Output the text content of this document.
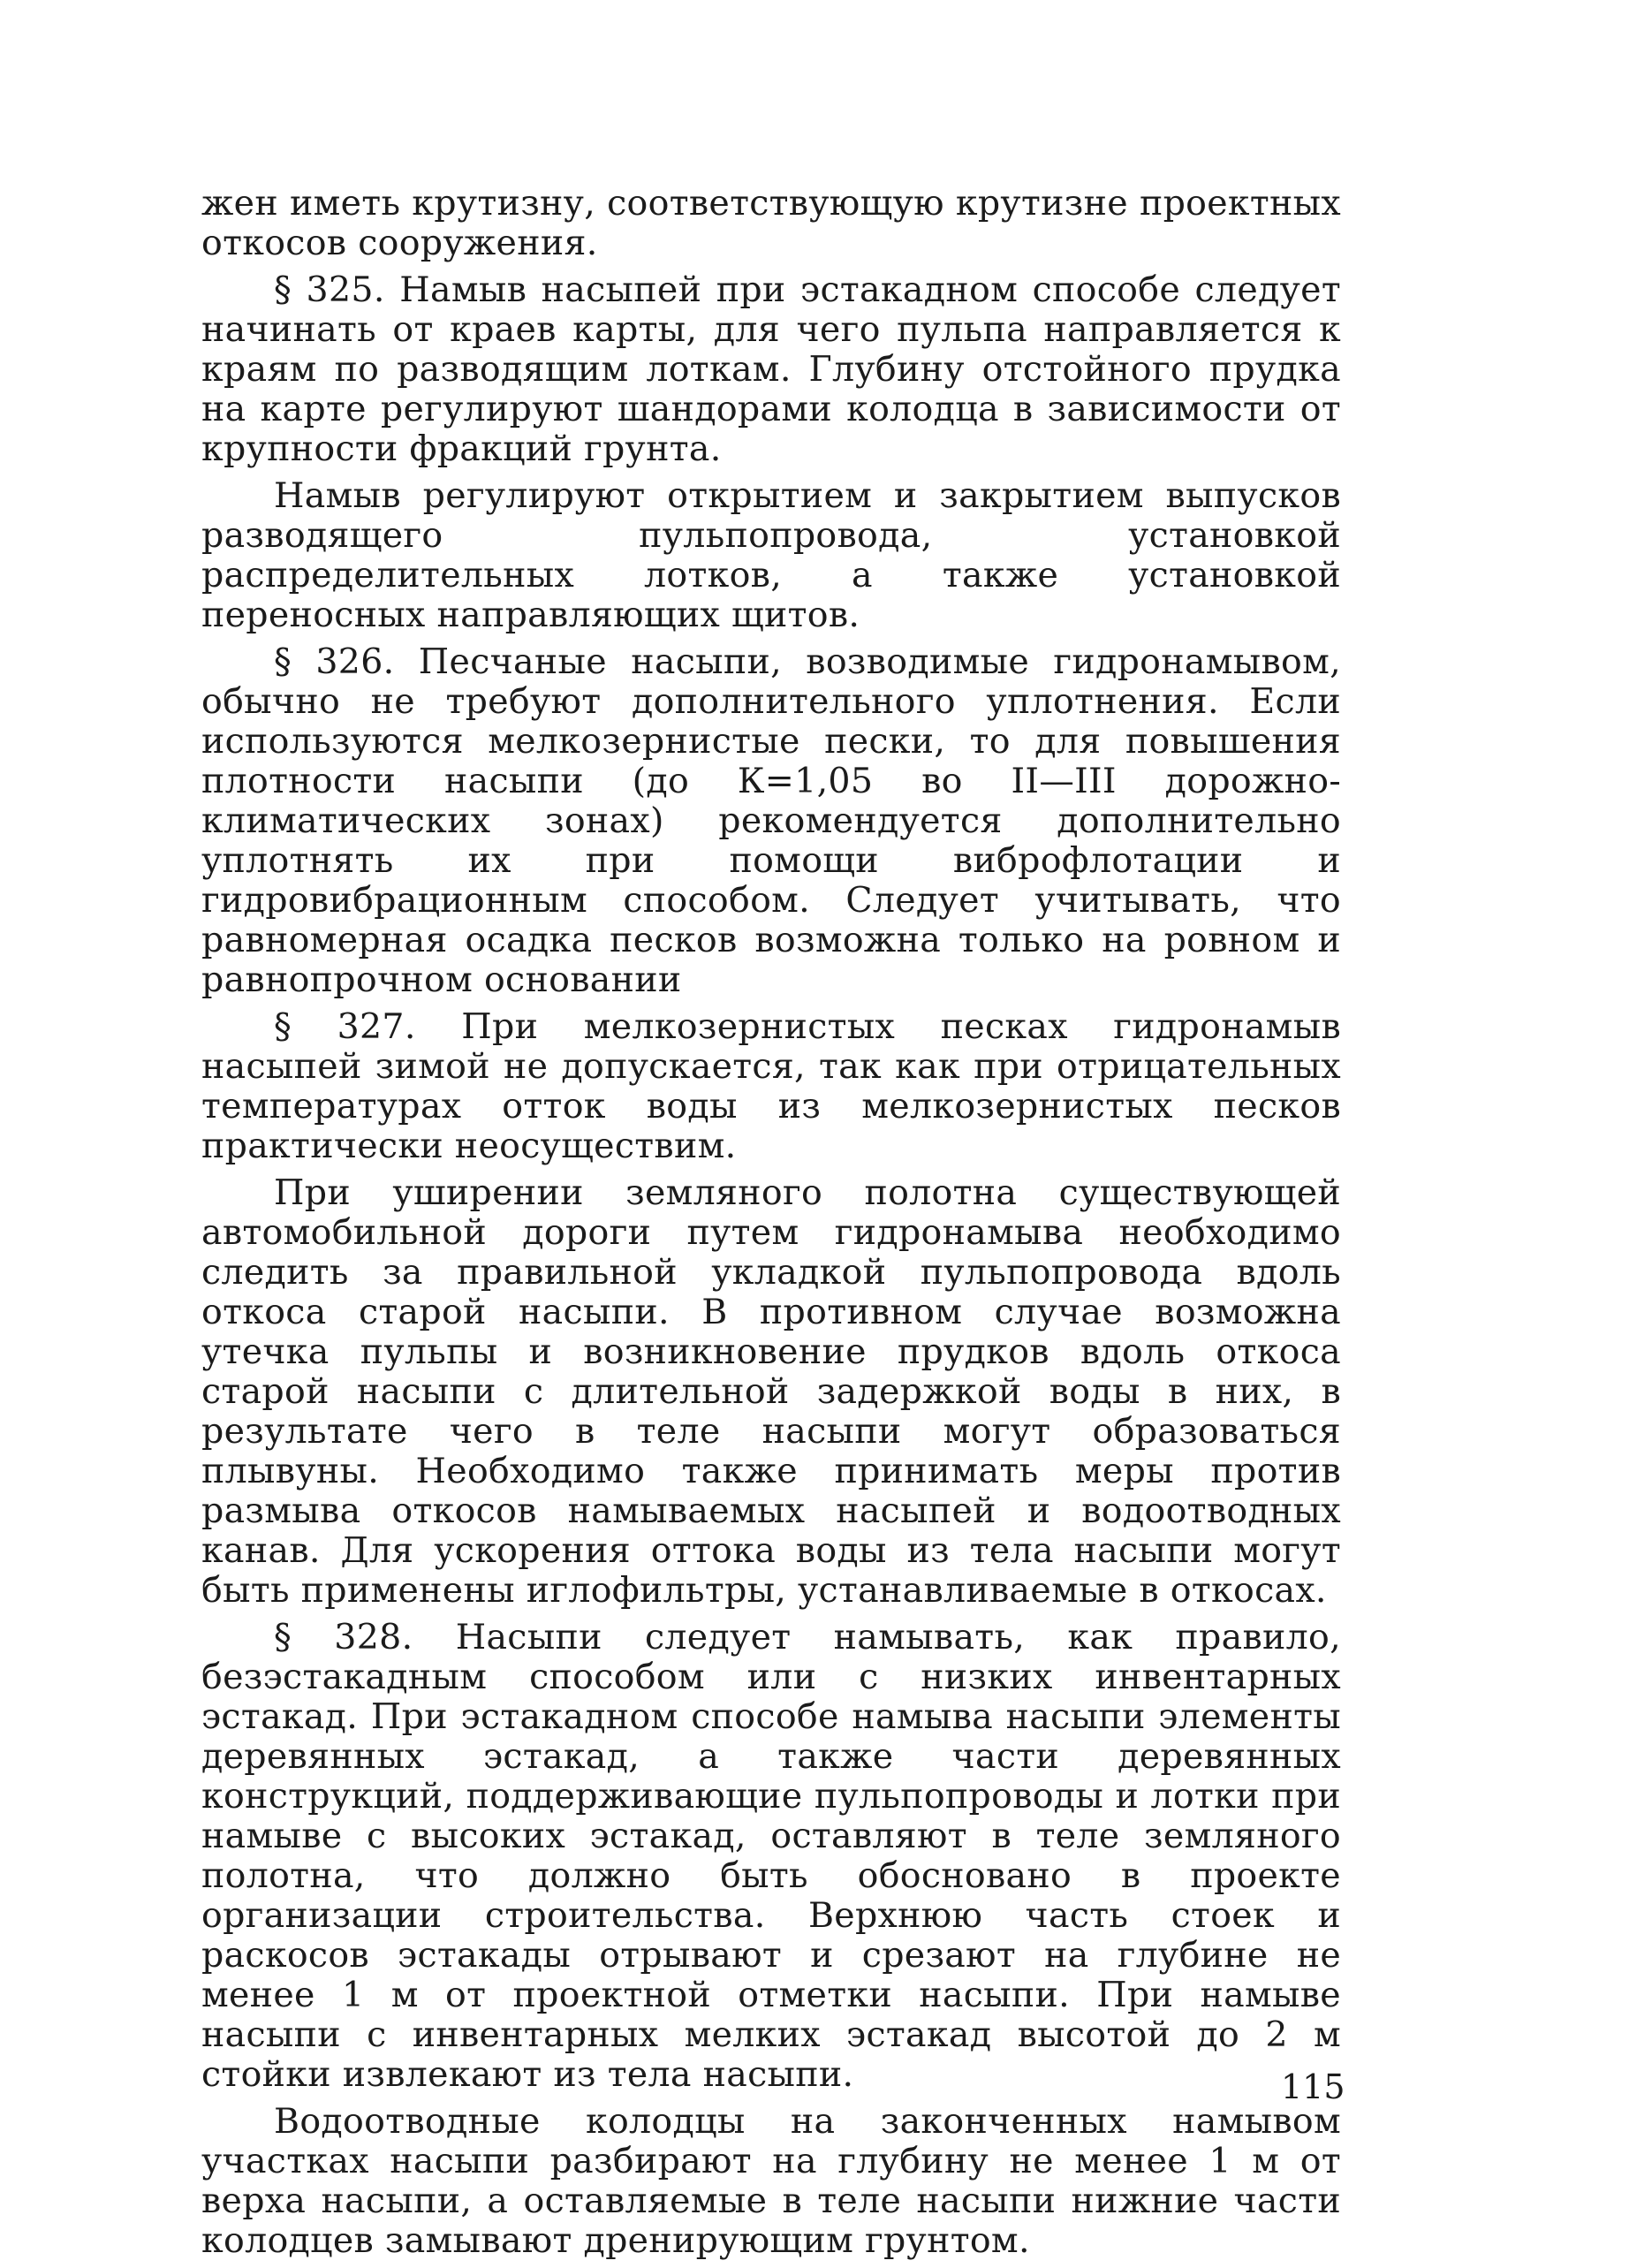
жен иметь крутизну, соответствующую крутизне проектных откосов сооружения.

§ 325. Намыв насыпей при эстакадном способе следует начинать от краев карты, для чего пульпа направляется к краям по разводящим лоткам. Глубину отстойного прудка на карте регулируют шандорами колодца в зависимости от крупности фракций грунта.

Намыв регулируют открытием и закрытием выпусков разводящего пульпопровода, установкой распределительных лотков, а также установкой переносных направляющих щитов.

§ 326. Песчаные насыпи, возводимые гидронамывом, обычно не требуют дополнительного уплотнения. Если используются мелкозернистые пески, то для повышения плотности насыпи (до К=1,05 во II—III дорожно-климатических зонах) рекомендуется дополнительно уплотнять их при помощи виброфлотации и гидровибрационным способом. Следует учитывать, что равномерная осадка песков возможна только на ровном и равнопрочном основании

§ 327. При мелкозернистых песках гидронамыв насыпей зимой не допускается, так как при отрицательных температурах отток воды из мелкозернистых песков практически неосуществим.

При уширении земляного полотна существующей автомобильной дороги путем гидронамыва необходимо следить за правильной укладкой пульпопровода вдоль откоса старой насыпи. В противном случае возможна утечка пульпы и возникновение прудков вдоль откоса старой насыпи с длительной задержкой воды в них, в результате чего в теле насыпи могут образоваться плывуны. Необходимо также принимать меры против размыва откосов намываемых насыпей и водоотводных канав. Для ускорения оттока воды из тела насыпи могут быть применены иглофильтры, устанавливаемые в откосах.

§ 328. Насыпи следует намывать, как правило, безэстакадным способом или с низких инвентарных эстакад. При эстакадном способе намыва насыпи элементы деревянных эстакад, а также части деревянных конструкций, поддерживающие пульпопроводы и лотки при намыве с высоких эстакад, оставляют в теле земляного полотна, что должно быть обосновано в проекте организации строительства. Верхнюю часть стоек и раскосов эстакады отрывают и срезают на глубине не менее 1 м от проектной отметки насыпи. При намыве насыпи с инвентарных мелких эстакад высотой до 2 м стойки извлекают из тела насыпи.

Водоотводные колодцы на законченных намывом участках насыпи разбирают на глубину не менее 1 м от верха насыпи, а оставляемые в теле насыпи нижние части колодцев замывают дренирующим грунтом.

115
